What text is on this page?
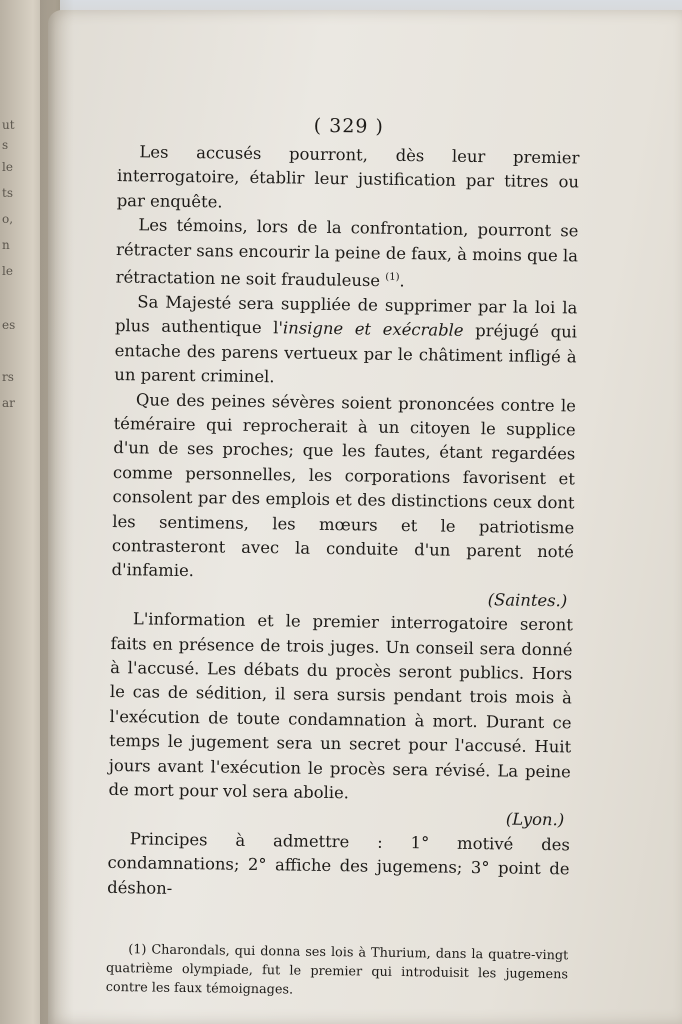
ut
s
le
ts
o,
n
le
es
rs
ar
( 329 )

Les accusés pourront, dès leur premier interrogatoire, établir leur justification par titres ou par enquête.

Les témoins, lors de la confrontation, pourront se rétracter sans encourir la peine de faux, à moins que la rétractation ne soit frauduleuse $^{(1)}$.

Sa Majesté sera suppliée de supprimer par la loi la plus authentique l'insigne et exécrable préjugé qui entache des parens vertueux par le châtiment infligé à un parent criminel.

Que des peines sévères soient prononcées contre le téméraire qui reprocherait à un citoyen le supplice d'un de ses proches; que les fautes, étant regardées comme personnelles, les corporations favorisent et consolent par des emplois et des distinctions ceux dont les sentimens, les mœurs et le patriotisme contrasteront avec la conduite d'un parent noté d'infamie.

(Saintes.)

L'information et le premier interrogatoire seront faits en présence de trois juges. Un conseil sera donné à l'accusé. Les débats du procès seront publics. Hors le cas de sédition, il sera sursis pendant trois mois à l'exécution de toute condamnation à mort. Durant ce temps le jugement sera un secret pour l'accusé. Huit jours avant l'exécution le procès sera révisé. La peine de mort pour vol sera abolie.

(Lyon.)

Principes à admettre : 1° motivé des condamnations; 2° affiche des jugemens; 3° point de déshon-

(1) Charondals, qui donna ses lois à Thurium, dans la quatre-vingt quatrième olympiade, fut le premier qui introduisit les jugemens contre les faux témoignages.
